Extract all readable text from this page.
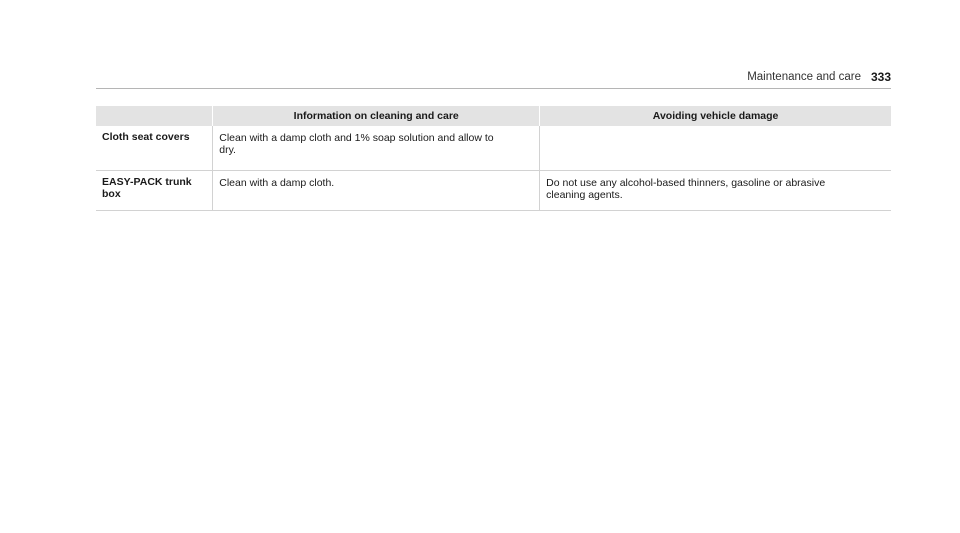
Maintenance and care 333
	Information on cleaning and care	Avoiding vehicle damage
Cloth seat covers	Clean with a damp cloth and 1% soap solution and allow to
dry.	
EASY-PACK trunk
box	Clean with a damp cloth.	Do not use any alcohol-based thinners, gasoline or abrasive
cleaning agents.
